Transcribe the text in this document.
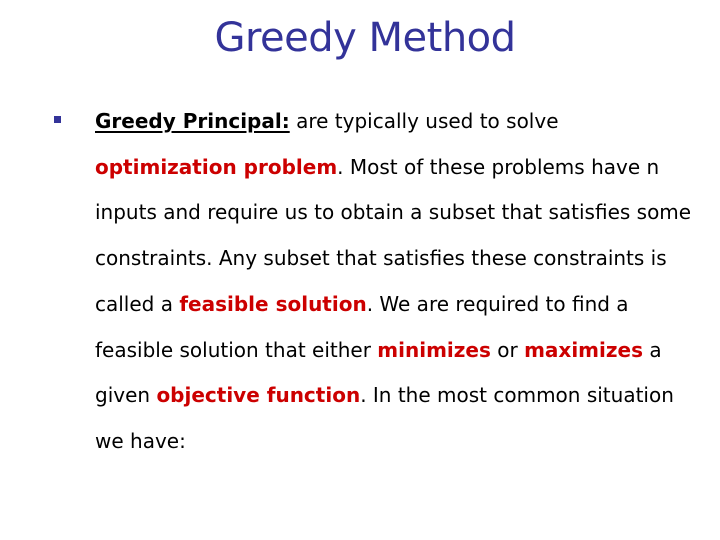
Greedy Method
Greedy Principal: are typically used to solve optimization problem. Most of these problems have n inputs and require us to obtain a subset that satisfies some constraints. Any subset that satisfies these constraints is called a feasible solution. We are required to find a feasible solution that either minimizes or maximizes a given objective function. In the most common situation we have:
